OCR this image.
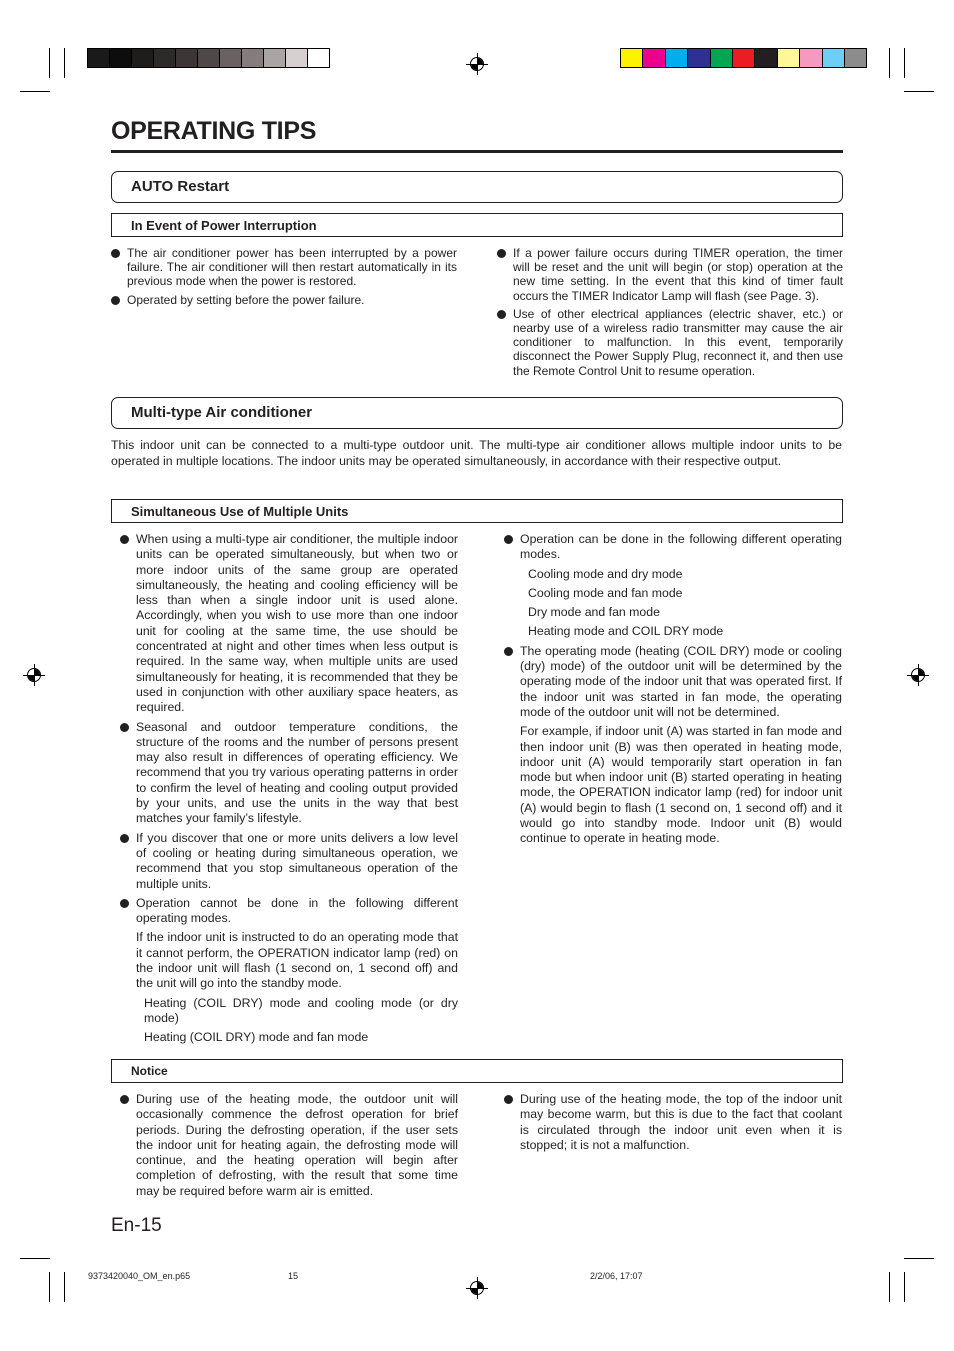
OPERATING TIPS
AUTO Restart
In Event of Power Interruption
The air conditioner power has been interrupted by a power failure. The air conditioner will then restart automatically in its previous mode when the power is restored.
Operated by setting before the power failure.
If a power failure occurs during TIMER operation, the timer will be reset and the unit will begin (or stop) operation at the new time setting. In the event that this kind of timer fault occurs the TIMER Indicator Lamp will flash (see Page. 3).
Use of other electrical appliances (electric shaver, etc.) or nearby use of a wireless radio transmitter may cause the air conditioner to malfunction. In this event, temporarily disconnect the Power Supply Plug, reconnect it, and then use the Remote Control Unit to resume operation.
Multi-type Air conditioner
This indoor unit can be connected to a multi-type outdoor unit. The multi-type air conditioner allows multiple indoor units to be operated in multiple locations. The indoor units may be operated simultaneously, in accordance with their respective output.
Simultaneous Use of Multiple Units
When using a multi-type air conditioner, the multiple indoor units can be operated simultaneously, but when two or more indoor units of the same group are operated simultaneously, the heating and cooling efficiency will be less than when a single indoor unit is used alone. Accordingly, when you wish to use more than one indoor unit for cooling at the same time, the use should be concentrated at night and other times when less output is required. In the same way, when multiple units are used simultaneously for heating, it is recommended that they be used in conjunction with other auxiliary space heaters, as required.
Seasonal and outdoor temperature conditions, the structure of the rooms and the number of persons present may also result in differences of operating efficiency. We recommend that you try various operating patterns in order to confirm the level of heating and cooling output provided by your units, and use the units in the way that best matches your family’s lifestyle.
If you discover that one or more units delivers a low level of cooling or heating during simultaneous operation, we recommend that you stop simultaneous operation of the multiple units.
Operation cannot be done in the following different operating modes.
If the indoor unit is instructed to do an operating mode that it cannot perform, the OPERATION indicator lamp (red) on the indoor unit will flash (1 second on, 1 second off) and the unit will go into the standby mode.
Heating (COIL DRY) mode and cooling mode (or dry mode)
Heating (COIL DRY) mode and fan mode
Operation can be done in the following different operating modes.
Cooling mode and dry mode
Cooling mode and fan mode
Dry mode and fan mode
Heating mode and COIL DRY mode
The operating mode (heating (COIL DRY) mode or cooling (dry) mode) of the outdoor unit will be determined by the operating mode of the indoor unit that was operated first. If the indoor unit was started in fan mode, the operating mode of the outdoor unit will not be determined.
For example, if indoor unit (A) was started in fan mode and then indoor unit (B) was then operated in heating mode, indoor unit (A) would temporarily start operation in fan mode but when indoor unit (B) started operating in heating mode, the OPERATION indicator lamp (red) for indoor unit (A) would begin to flash (1 second on, 1 second off) and it would go into standby mode. Indoor unit (B) would continue to operate in heating mode.
Notice
During use of the heating mode, the outdoor unit will occasionally commence the defrost operation for brief periods. During the defrosting operation, if the user sets the indoor unit for heating again, the defrosting mode will continue, and the heating operation will begin after completion of defrosting, with the result that some time may be required before warm air is emitted.
During use of the heating mode, the top of the indoor unit may become warm, but this is due to the fact that coolant is circulated through the indoor unit even when it is stopped; it is not a malfunction.
En-15
9373420040_OM_en.p65	15	2/2/06, 17:07
